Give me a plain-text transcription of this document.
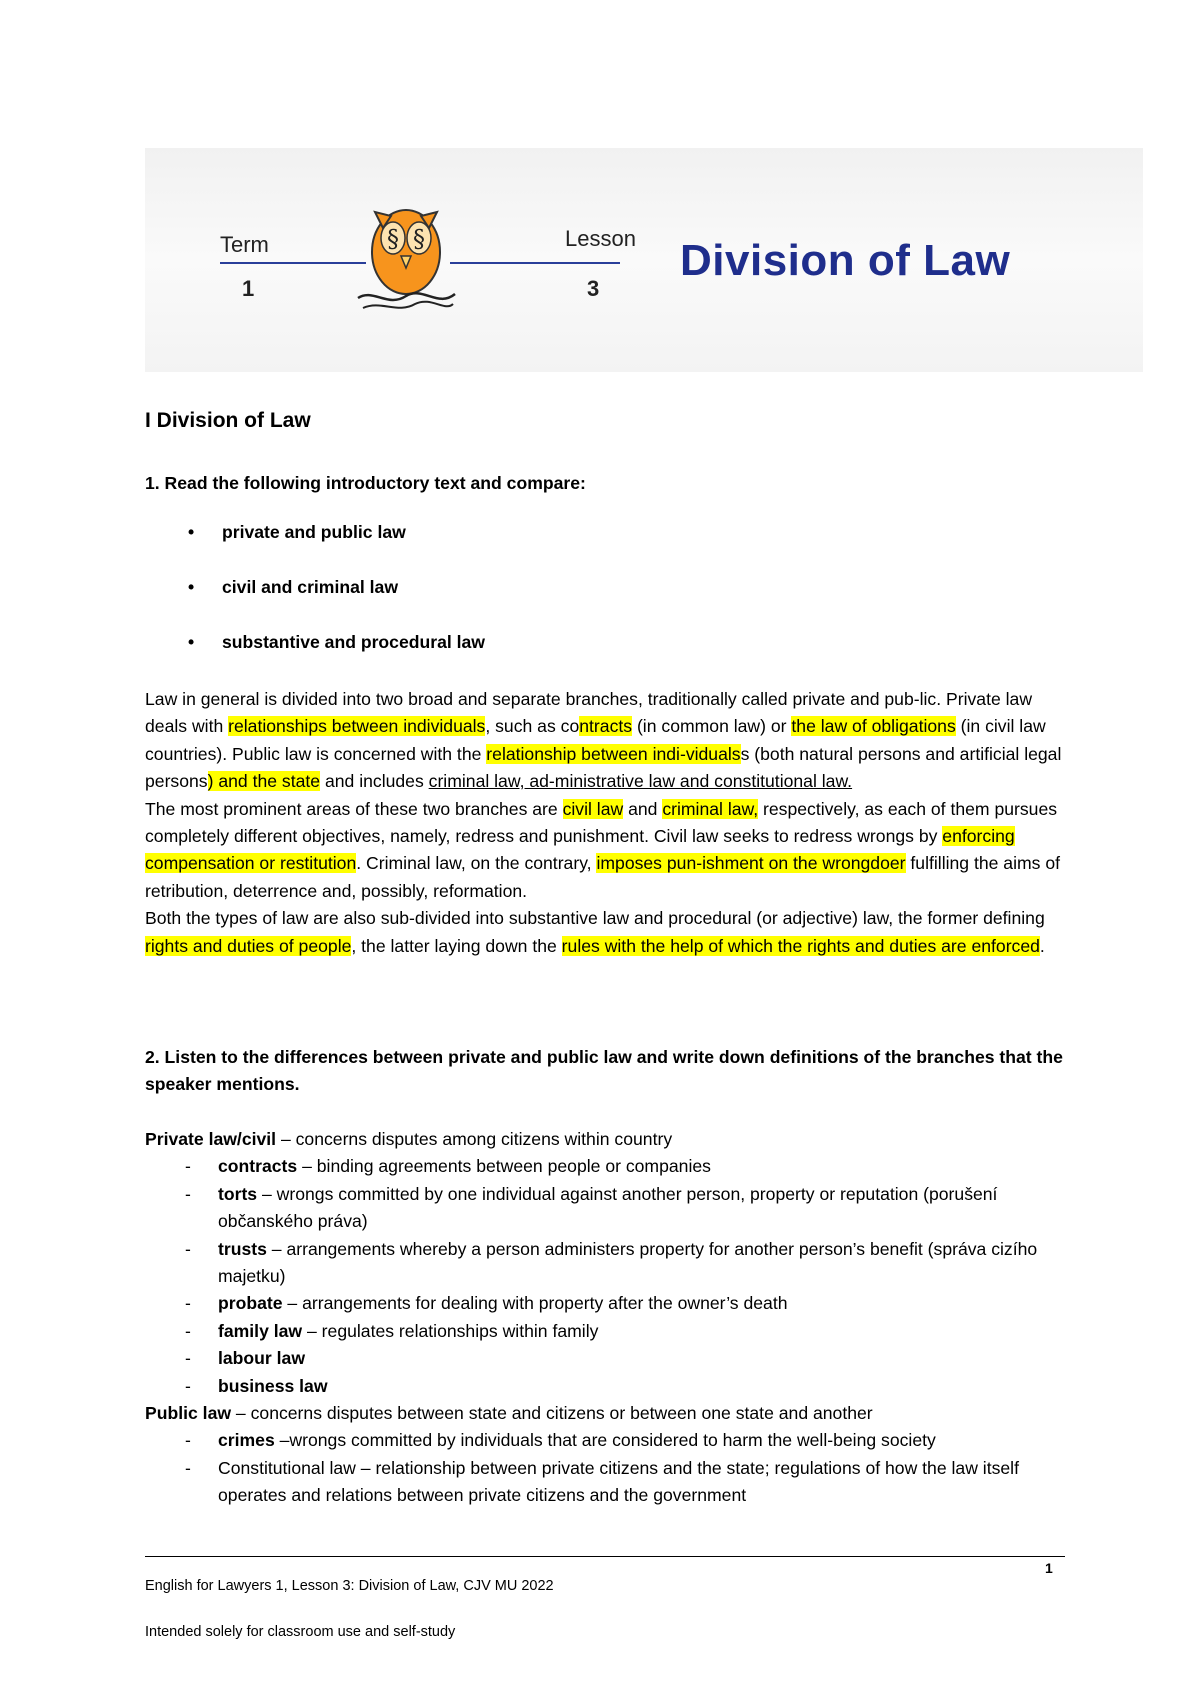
Term
1
Lesson
3
Division of Law
§ §
I Division of Law
1. Read the following introductory text and compare:
•	private and public law
•	civil and criminal law
•	substantive and procedural law
Law in general is divided into two broad and separate branches, traditionally called private and pub-lic. Private law deals with relationships between individuals, such as contracts (in common law) or the law of obligations (in civil law countries). Public law is concerned with the relationship between indi-vidualss (both natural persons and artificial legal persons) and the state and includes criminal law, ad-ministrative law and constitutional law.
The most prominent areas of these two branches are civil law and criminal law, respectively, as each of them pursues completely different objectives, namely, redress and punishment. Civil law seeks to redress wrongs by enforcing compensation or restitution. Criminal law, on the contrary, imposes pun-ishment on the wrongdoer fulfilling the aims of retribution, deterrence and, possibly, reformation.
Both the types of law are also sub-divided into substantive law and procedural (or adjective) law, the former defining rights and duties of people, the latter laying down the rules with the help of which the rights and duties are enforced.
2. Listen to the differences between private and public law and write down definitions of the branches that the speaker mentions.
Private law/civil – concerns disputes among citizens within country
-	contracts – binding agreements between people or companies
-	torts – wrongs committed by one individual against another person, property or reputation (porušení občanského práva)
-	trusts – arrangements whereby a person administers property for another person’s benefit (správa cizího majetku)
-	probate – arrangements for dealing with property after the owner’s death
-	family law – regulates relationships within family
-	labour law
-	business law
Public law – concerns disputes between state and citizens or between one state and another
-	crimes –wrongs committed by individuals that are considered to harm the well-being society
-	Constitutional law – relationship between private citizens and the state; regulations of how the law itself operates and relations between private citizens and the government
1
English for Lawyers 1, Lesson 3: Division of Law, CJV MU 2022
Intended solely for classroom use and self-study
